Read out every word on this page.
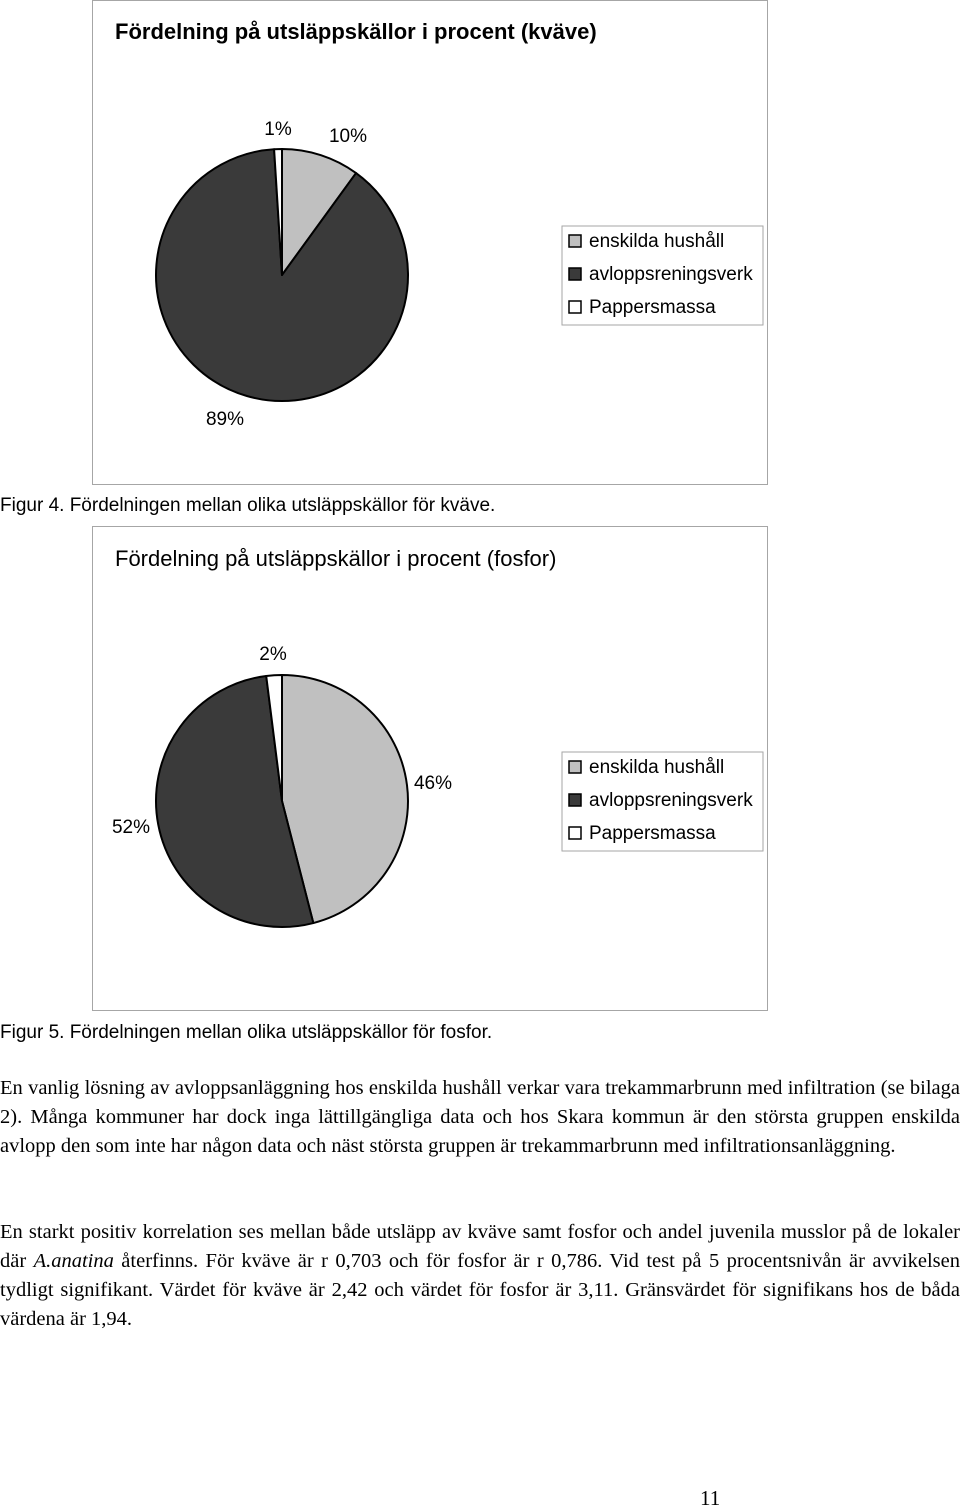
Fördelning på utsläppskällor i procent (kväve)
10%
89%
1%
enskilda hushåll
avloppsreningsverk
Pappersmassa
Figur 4. Fördelningen mellan olika utsläppskällor för kväve.
Fördelning på utsläppskällor i procent (fosfor)
46%
52%
2%
enskilda hushåll
avloppsreningsverk
Pappersmassa
Figur 5. Fördelningen mellan olika utsläppskällor för fosfor.

En vanlig lösning av avloppsanläggning hos enskilda hushåll verkar vara trekammarbrunn med infiltration (se bilaga 2). Många kommuner har dock inga lättillgängliga data och hos Skara kommun är den största gruppen enskilda avlopp den som inte har någon data och näst största gruppen är trekammarbrunn med infiltrationsanläggning.

En starkt positiv korrelation ses mellan både utsläpp av kväve samt fosfor och andel juvenila musslor på de lokaler där A.anatina återfinns. För kväve är r 0,703 och för fosfor är r 0,786. Vid test på 5 procentsnivån är avvikelsen tydligt signifikant. Värdet för kväve är 2,42 och värdet för fosfor är 3,11. Gränsvärdet för signifikans hos de båda värdena är 1,94.

11
